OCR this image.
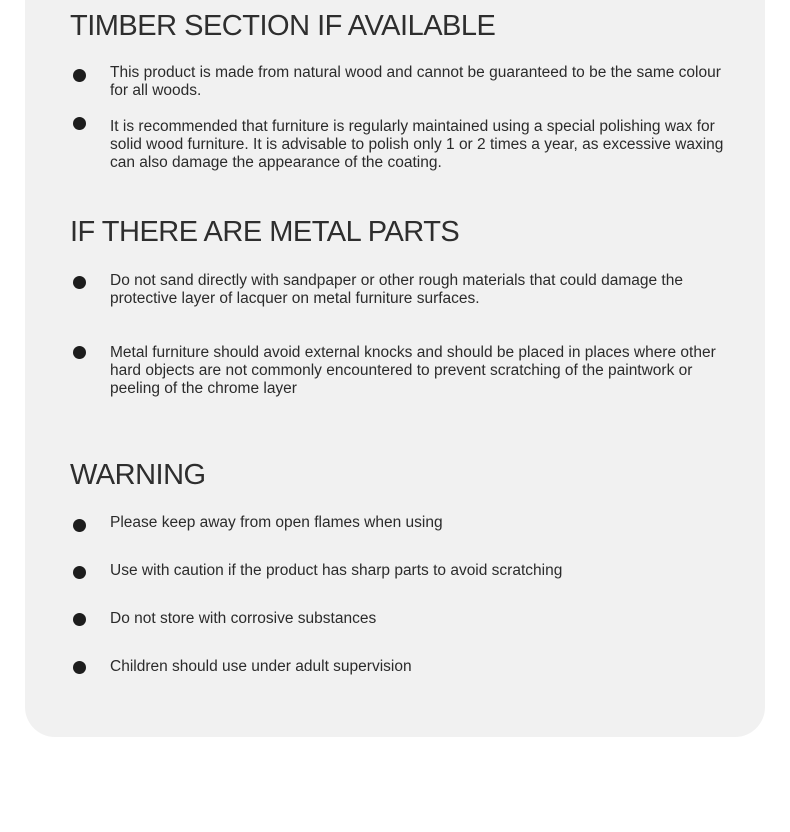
TIMBER SECTION IF AVAILABLE

This product is made from natural wood and cannot be guaranteed to be the same colour for all woods.

It is recommended that furniture is regularly maintained using a special polishing wax for solid wood furniture. It is advisable to polish only 1 or 2 times a year, as excessive waxing can also damage the appearance of the coating.

IF THERE ARE METAL PARTS

Do not sand directly with sandpaper or other rough materials that could damage the protective layer of lacquer on metal furniture surfaces.

Metal furniture should avoid external knocks and should be placed in places where other hard objects are not commonly encountered to prevent scratching of the paintwork or peeling of the chrome layer

WARNING

Please keep away from open flames when using

Use with caution if the product has sharp parts to avoid scratching

Do not store with corrosive substances

Children should use under adult supervision
